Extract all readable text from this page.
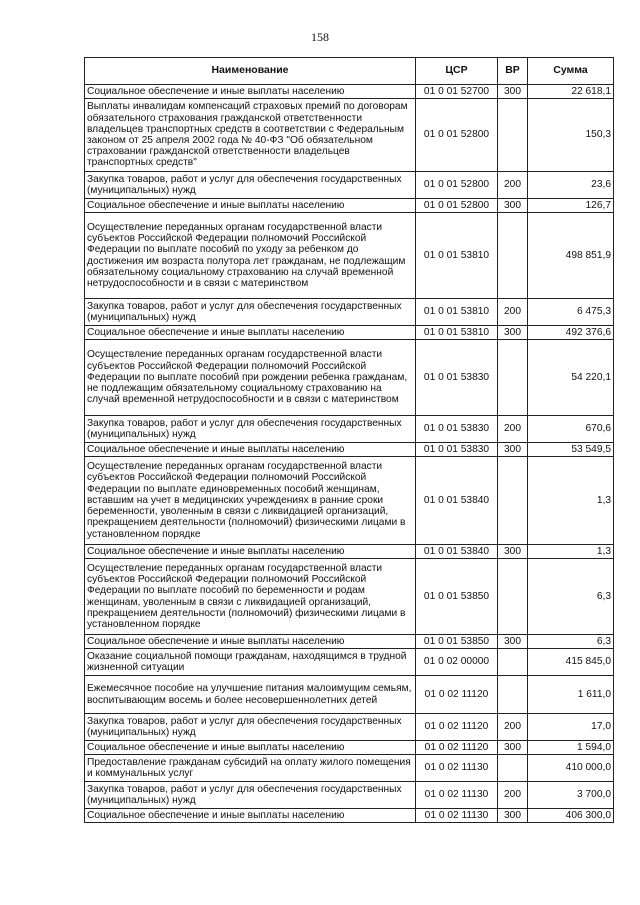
158
Наименование	ЦСР	ВР	Сумма
Социальное обеспечение и иные выплаты населению	01 0 01 52700	300	22 618,1
Выплаты инвалидам компенсаций страховых премий по договорам обязательного страхования гражданской ответственности владельцев транспортных средств в соответствии с Федеральным законом от 25 апреля 2002 года № 40-ФЗ "Об обязательном страховании гражданской ответственности владельцев транспортных средств"	01 0 01 52800		150,3
Закупка товаров, работ и услуг для обеспечения государственных (муниципальных) нужд	01 0 01 52800	200	23,6
Социальное обеспечение и иные выплаты населению	01 0 01 52800	300	126,7
Осуществление переданных органам государственной власти субъектов Российской Федерации полномочий Российской Федерации по выплате пособий по уходу за ребенком до достижения им возраста полутора лет гражданам, не подлежащим обязательному социальному страхованию на случай временной нетрудоспособности и в связи с материнством	01 0 01 53810		498 851,9
Закупка товаров, работ и услуг для обеспечения государственных (муниципальных) нужд	01 0 01 53810	200	6 475,3
Социальное обеспечение и иные выплаты населению	01 0 01 53810	300	492 376,6
Осуществление переданных органам государственной власти субъектов Российской Федерации полномочий Российской Федерации по выплате пособий при рождении ребенка гражданам, не подлежащим обязательному социальному страхованию на случай временной нетрудоспособности и в связи с материнством	01 0 01 53830		54 220,1
Закупка товаров, работ и услуг для обеспечения государственных (муниципальных) нужд	01 0 01 53830	200	670,6
Социальное обеспечение и иные выплаты населению	01 0 01 53830	300	53 549,5
Осуществление переданных органам государственной власти субъектов Российской Федерации полномочий Российской Федерации по выплате единовременных пособий женщинам, вставшим на учет в медицинских учреждениях в ранние сроки беременности, уволенным в связи с ликвидацией организаций, прекращением деятельности (полномочий) физическими лицами в установленном порядке	01 0 01 53840		1,3
Социальное обеспечение и иные выплаты населению	01 0 01 53840	300	1,3
Осуществление переданных органам государственной власти субъектов Российской Федерации полномочий Российской Федерации по выплате пособий по беременности и родам женщинам, уволенным в связи с ликвидацией организаций, прекращением деятельности (полномочий) физическими лицами в установленном порядке	01 0 01 53850		6,3
Социальное обеспечение и иные выплаты населению	01 0 01 53850	300	6,3
Оказание социальной помощи гражданам, находящимся в трудной жизненной ситуации	01 0 02 00000		415 845,0
Ежемесячное пособие на улучшение питания малоимущим семьям, воспитывающим восемь и более несовершеннолетних детей	01 0 02 11120		1 611,0
Закупка товаров, работ и услуг для обеспечения государственных (муниципальных) нужд	01 0 02 11120	200	17,0
Социальное обеспечение и иные выплаты населению	01 0 02 11120	300	1 594,0
Предоставление гражданам субсидий на оплату жилого помещения и коммунальных услуг	01 0 02 11130		410 000,0
Закупка товаров, работ и услуг для обеспечения государственных (муниципальных) нужд	01 0 02 11130	200	3 700,0
Социальное обеспечение и иные выплаты населению	01 0 02 11130	300	406 300,0
